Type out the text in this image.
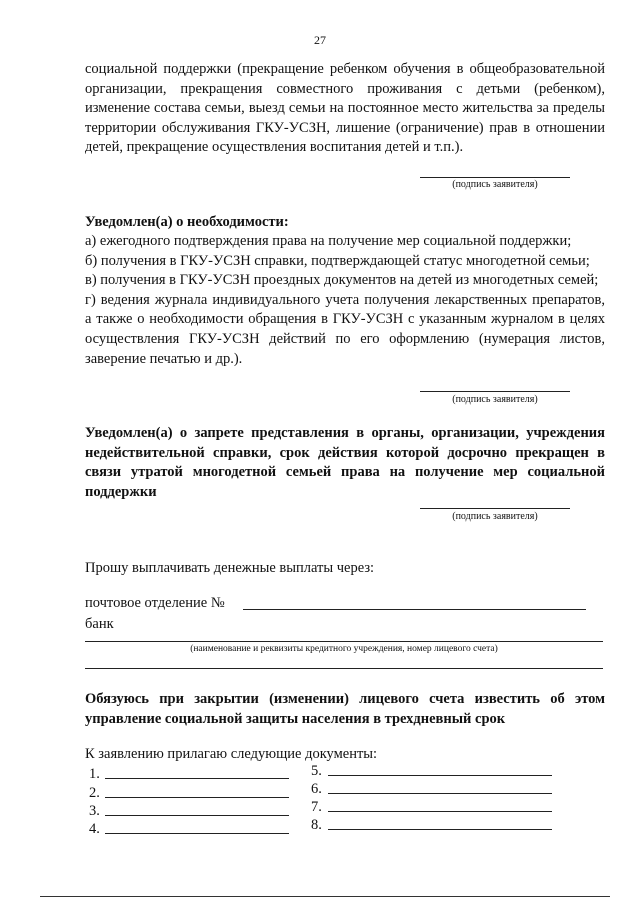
27
социальной поддержки (прекращение ребенком обучения в общеобразовательной организации, прекращения совместного проживания с детьми (ребенком), изменение состава семьи, выезд семьи на постоянное место жительства за пределы территории обслуживания ГКУ-УСЗН, лишение (ограничение) прав в отношении детей, прекращение осуществления воспитания детей и т.п.).
(подпись заявителя)
Уведомлен(а) о необходимости:
а) ежегодного подтверждения права на получение мер социальной поддержки;
б) получения в ГКУ-УСЗН справки, подтверждающей статус многодетной семьи;
в) получения в ГКУ-УСЗН проездных документов на детей из многодетных семей;
г) ведения журнала индивидуального учета получения лекарственных препаратов, а также о необходимости обращения в ГКУ-УСЗН с указанным журналом в целях осуществления ГКУ-УСЗН действий по его оформлению (нумерация листов, заверение печатью и др.).
(подпись заявителя)
Уведомлен(а) о запрете представления в органы, организации, учреждения недействительной справки, срок действия которой досрочно прекращен в связи утратой многодетной семьей права на получение мер социальной поддержки
(подпись заявителя)
Прошу выплачивать денежные выплаты через:
почтовое отделение №
банк
(наименование и реквизиты кредитного учреждения, номер лицевого счета)
Обязуюсь при закрытии (изменении) лицевого счета известить об этом управление социальной защиты населения в трехдневный срок
К заявлению прилагаю следующие документы:
1.
2.
3.
4.
5.
6.
7.
8.
